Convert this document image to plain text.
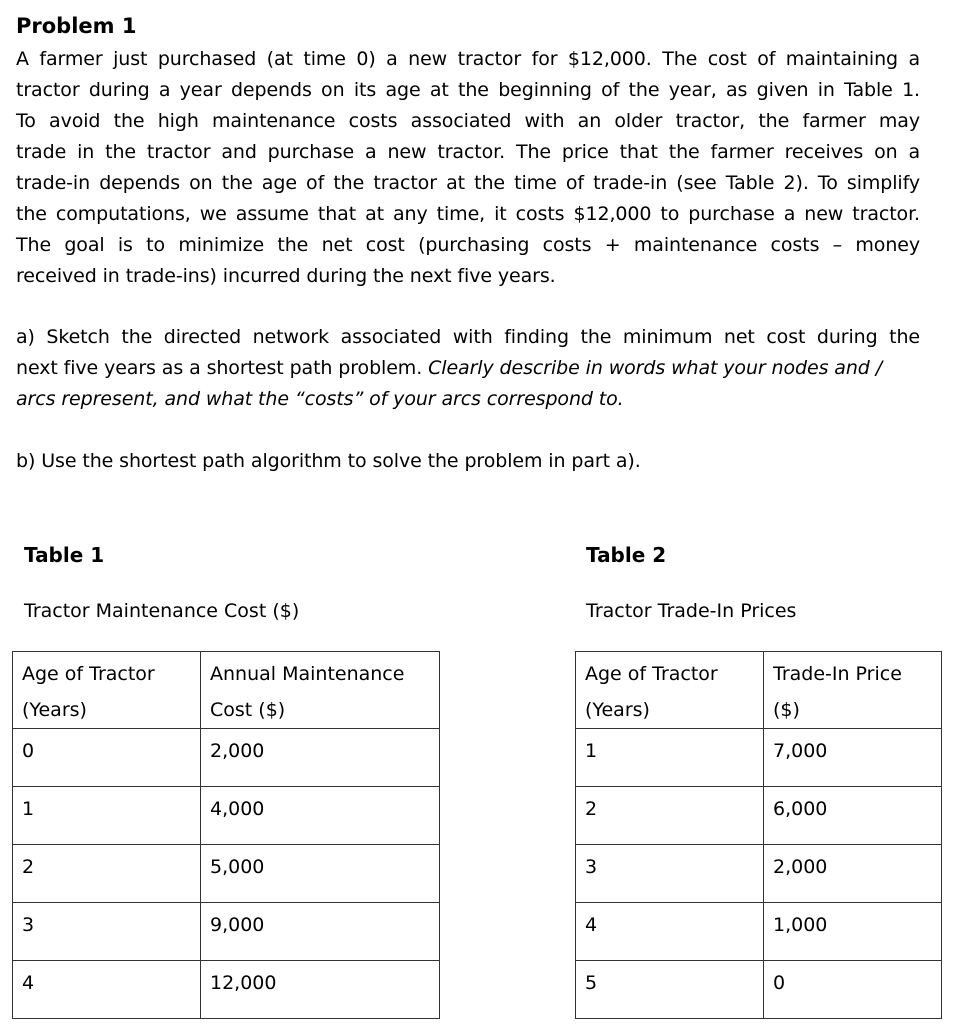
Problem 1
A farmer just purchased (at time 0) a new tractor for $12,000. The cost of maintaining a
tractor during a year depends on its age at the beginning of the year, as given in Table 1.
To avoid the high maintenance costs associated with an older tractor, the farmer may
trade in the tractor and purchase a new tractor. The price that the farmer receives on a
trade-in depends on the age of the tractor at the time of trade-in (see Table 2). To simplify
the computations, we assume that at any time, it costs $12,000 to purchase a new tractor.
The goal is to minimize the net cost (purchasing costs + maintenance costs – money
received in trade-ins) incurred during the next five years.
a) Sketch the directed network associated with finding the minimum net cost during the
next five years as a shortest path problem. Clearly describe in words what your nodes and /
arcs represent, and what the “costs” of your arcs correspond to.
b) Use the shortest path algorithm to solve the problem in part a).
Table 1
Tractor Maintenance Cost ($)
Table 2
Tractor Trade-In Prices
Age of Tractor (Years)	Annual Maintenance Cost ($)
0	2,000
1	4,000
2	5,000
3	9,000
4	12,000
Age of Tractor (Years)	Trade-In Price ($)
1	7,000
2	6,000
3	2,000
4	1,000
5	0
